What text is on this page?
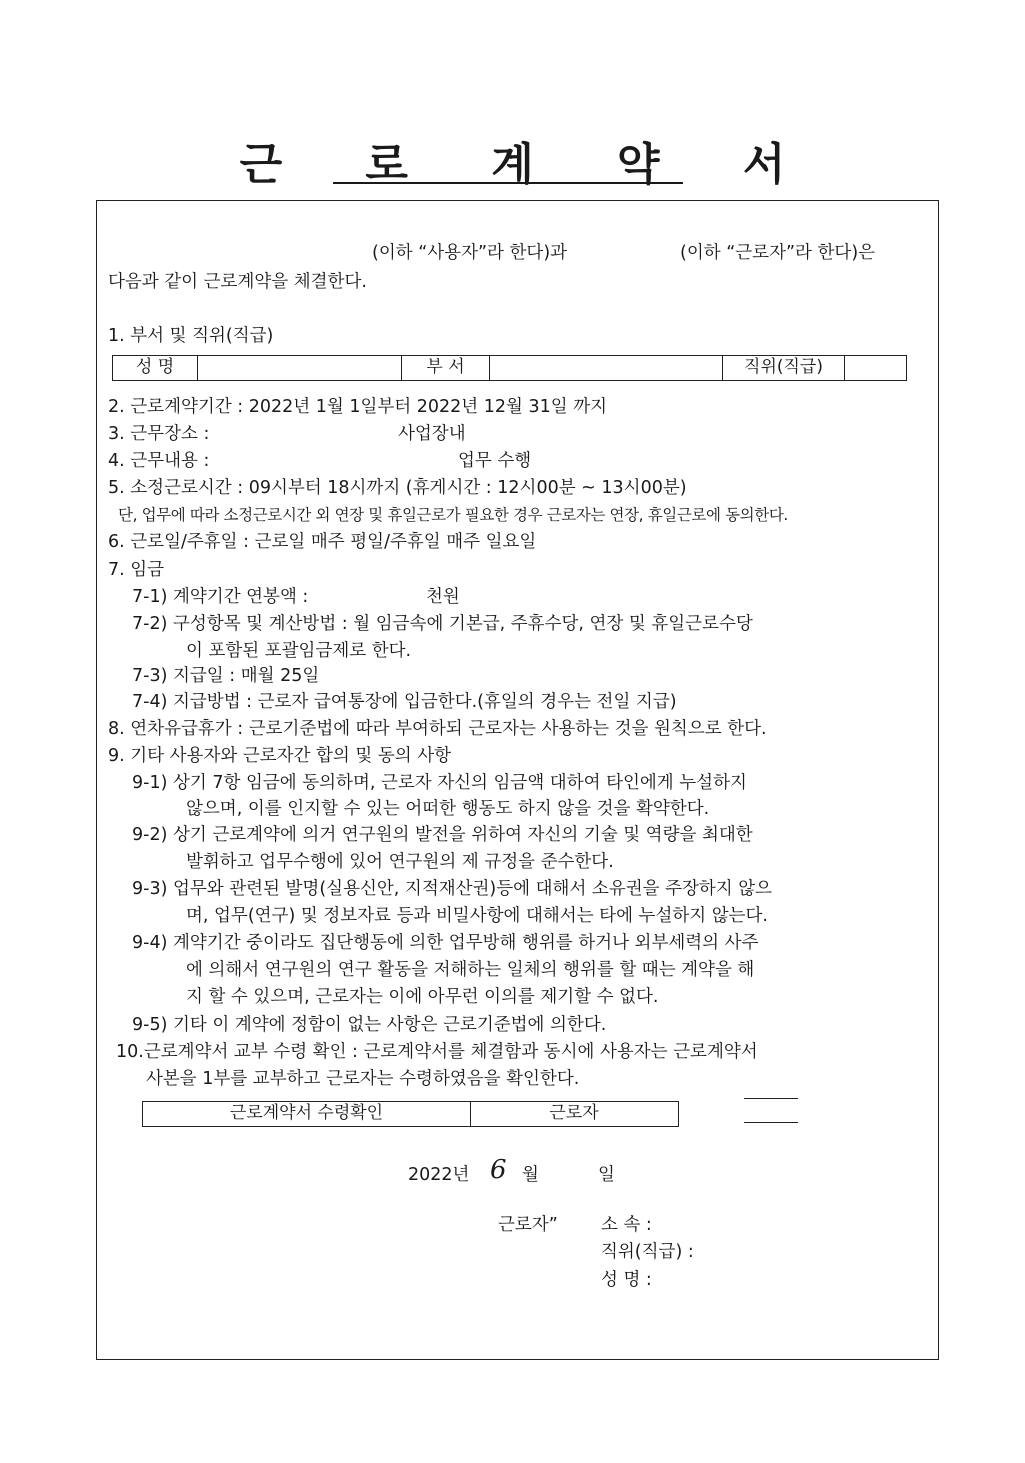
근 로 계 약 서
(이하 “사용자”라 한다)과	(이하 “근로자”라 한다)은
다음과 같이 근로계약을 체결한다.
1. 부서 및 직위(직급)
성 명	부 서	직위(직급)
2. 근로계약기간 : 2022년 1월 1일부터 2022년 12월 31일 까지
3. 근무장소 :	사업장내
4. 근무내용 :	업무 수행
5. 소정근로시간 : 09시부터 18시까지 (휴게시간 : 12시00분 ~ 13시00분)
단, 업무에 따라 소정근로시간 외 연장 및 휴일근로가 필요한 경우 근로자는 연장, 휴일근로에 동의한다.
6. 근로일/주휴일 : 근로일 매주 평일/주휴일 매주 일요일
7. 임금
7-1) 계약기간 연봉액 :	천원
7-2) 구성항목 및 계산방법 : 월 임금속에 기본급, 주휴수당, 연장 및 휴일근로수당
이 포함된 포괄임금제로 한다.
7-3) 지급일 : 매월 25일
7-4) 지급방법 : 근로자 급여통장에 입금한다.(휴일의 경우는 전일 지급)
8. 연차유급휴가 : 근로기준법에 따라 부여하되 근로자는 사용하는 것을 원칙으로 한다.
9. 기타 사용자와 근로자간 합의 및 동의 사항
9-1) 상기 7항 임금에 동의하며, 근로자 자신의 임금액 대하여 타인에게 누설하지
않으며, 이를 인지할 수 있는 어떠한 행동도 하지 않을 것을 확약한다.
9-2) 상기 근로계약에 의거 연구원의 발전을 위하여 자신의 기술 및 역량을 최대한
발휘하고 업무수행에 있어 연구원의 제 규정을 준수한다.
9-3) 업무와 관련된 발명(실용신안, 지적재산권)등에 대해서 소유권을 주장하지 않으
며, 업무(연구) 및 정보자료 등과 비밀사항에 대해서는 타에 누설하지 않는다.
9-4) 계약기간 중이라도 집단행동에 의한 업무방해 행위를 하거나 외부세력의 사주
에 의해서 연구원의 연구 활동을 저해하는 일체의 행위를 할 때는 계약을 해
지 할 수 있으며, 근로자는 이에 아무런 이의를 제기할 수 없다.
9-5) 기타 이 계약에 정함이 없는 사항은 근로기준법에 의한다.
10.근로계약서 교부 수령 확인 : 근로계약서를 체결함과 동시에 사용자는 근로계약서
사본을 1부를 교부하고 근로자는 수령하였음을 확인한다.
근로계약서 수령확인	근로자
2022년 6 월	일
근로자” 소 속 :
직위(직급) :
성 명 :
